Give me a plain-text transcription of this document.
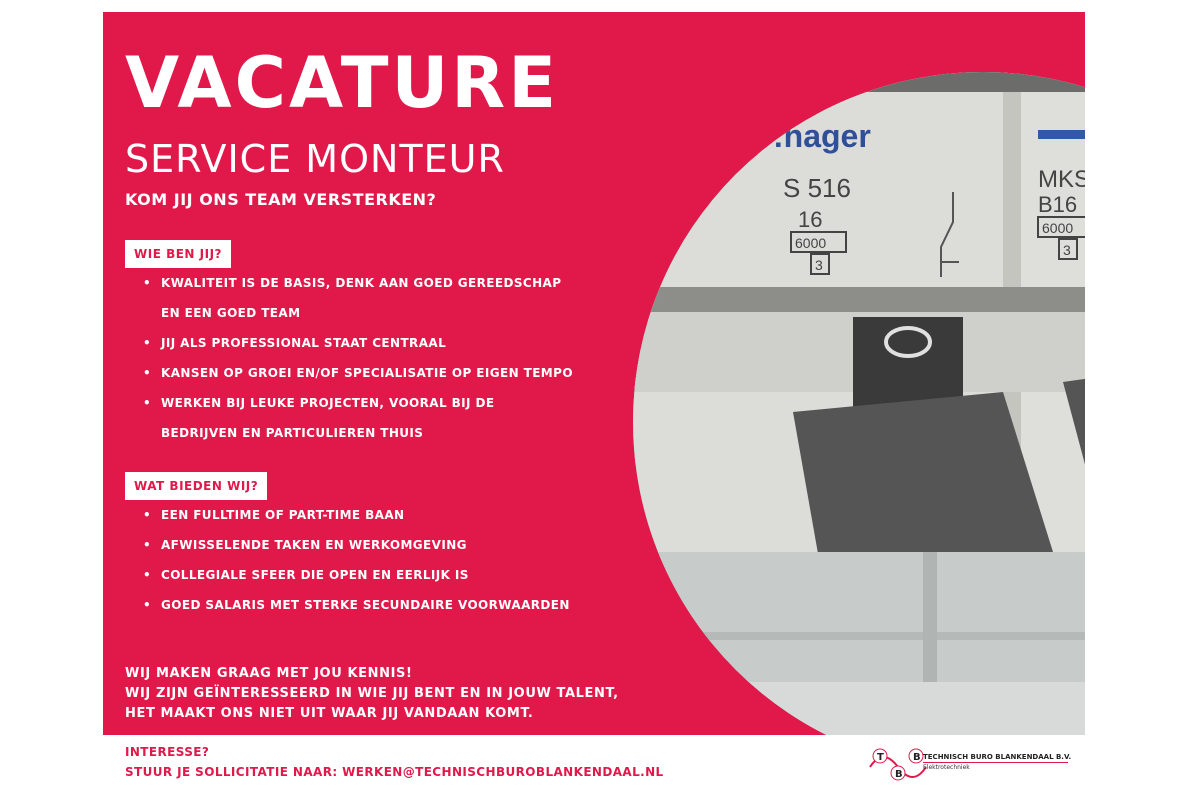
:hager	:hag
S 516	MKS 516
16
B16
6000
6000
3
3
VACATURE
SERVICE MONTEUR
KOM JIJ ONS TEAM VERSTERKEN?
WIE BEN JIJ?
• KWALITEIT IS DE BASIS, DENK AAN GOED GEREEDSCHAP
EN EEN GOED TEAM
• JIJ ALS PROFESSIONAL STAAT CENTRAAL
• KANSEN OP GROEI EN/OF SPECIALISATIE OP EIGEN TEMPO
• WERKEN BIJ LEUKE PROJECTEN, VOORAL BIJ DE
BEDRIJVEN EN PARTICULIEREN THUIS
WAT BIEDEN WIJ?
• EEN FULLTIME OF PART-TIME BAAN
• AFWISSELENDE TAKEN EN WERKOMGEVING
• COLLEGIALE SFEER DIE OPEN EN EERLIJK IS
• GOED SALARIS MET STERKE SECUNDAIRE VOORWAARDEN
WIJ MAKEN GRAAG MET JOU KENNIS!
WIJ ZIJN GEÏNTERESSEERD IN WIE JIJ BENT EN IN JOUW TALENT,
HET MAAKT ONS NIET UIT WAAR JIJ VANDAAN KOMT.
INTERESSE?
STUUR JE SOLLICITATIE NAAR: WERKEN@TECHNISCHBUROBLANKENDAAL.NL
T
B
B TECHNISCH BURO BLANKENDAAL B.V.
Elektrotechniek
